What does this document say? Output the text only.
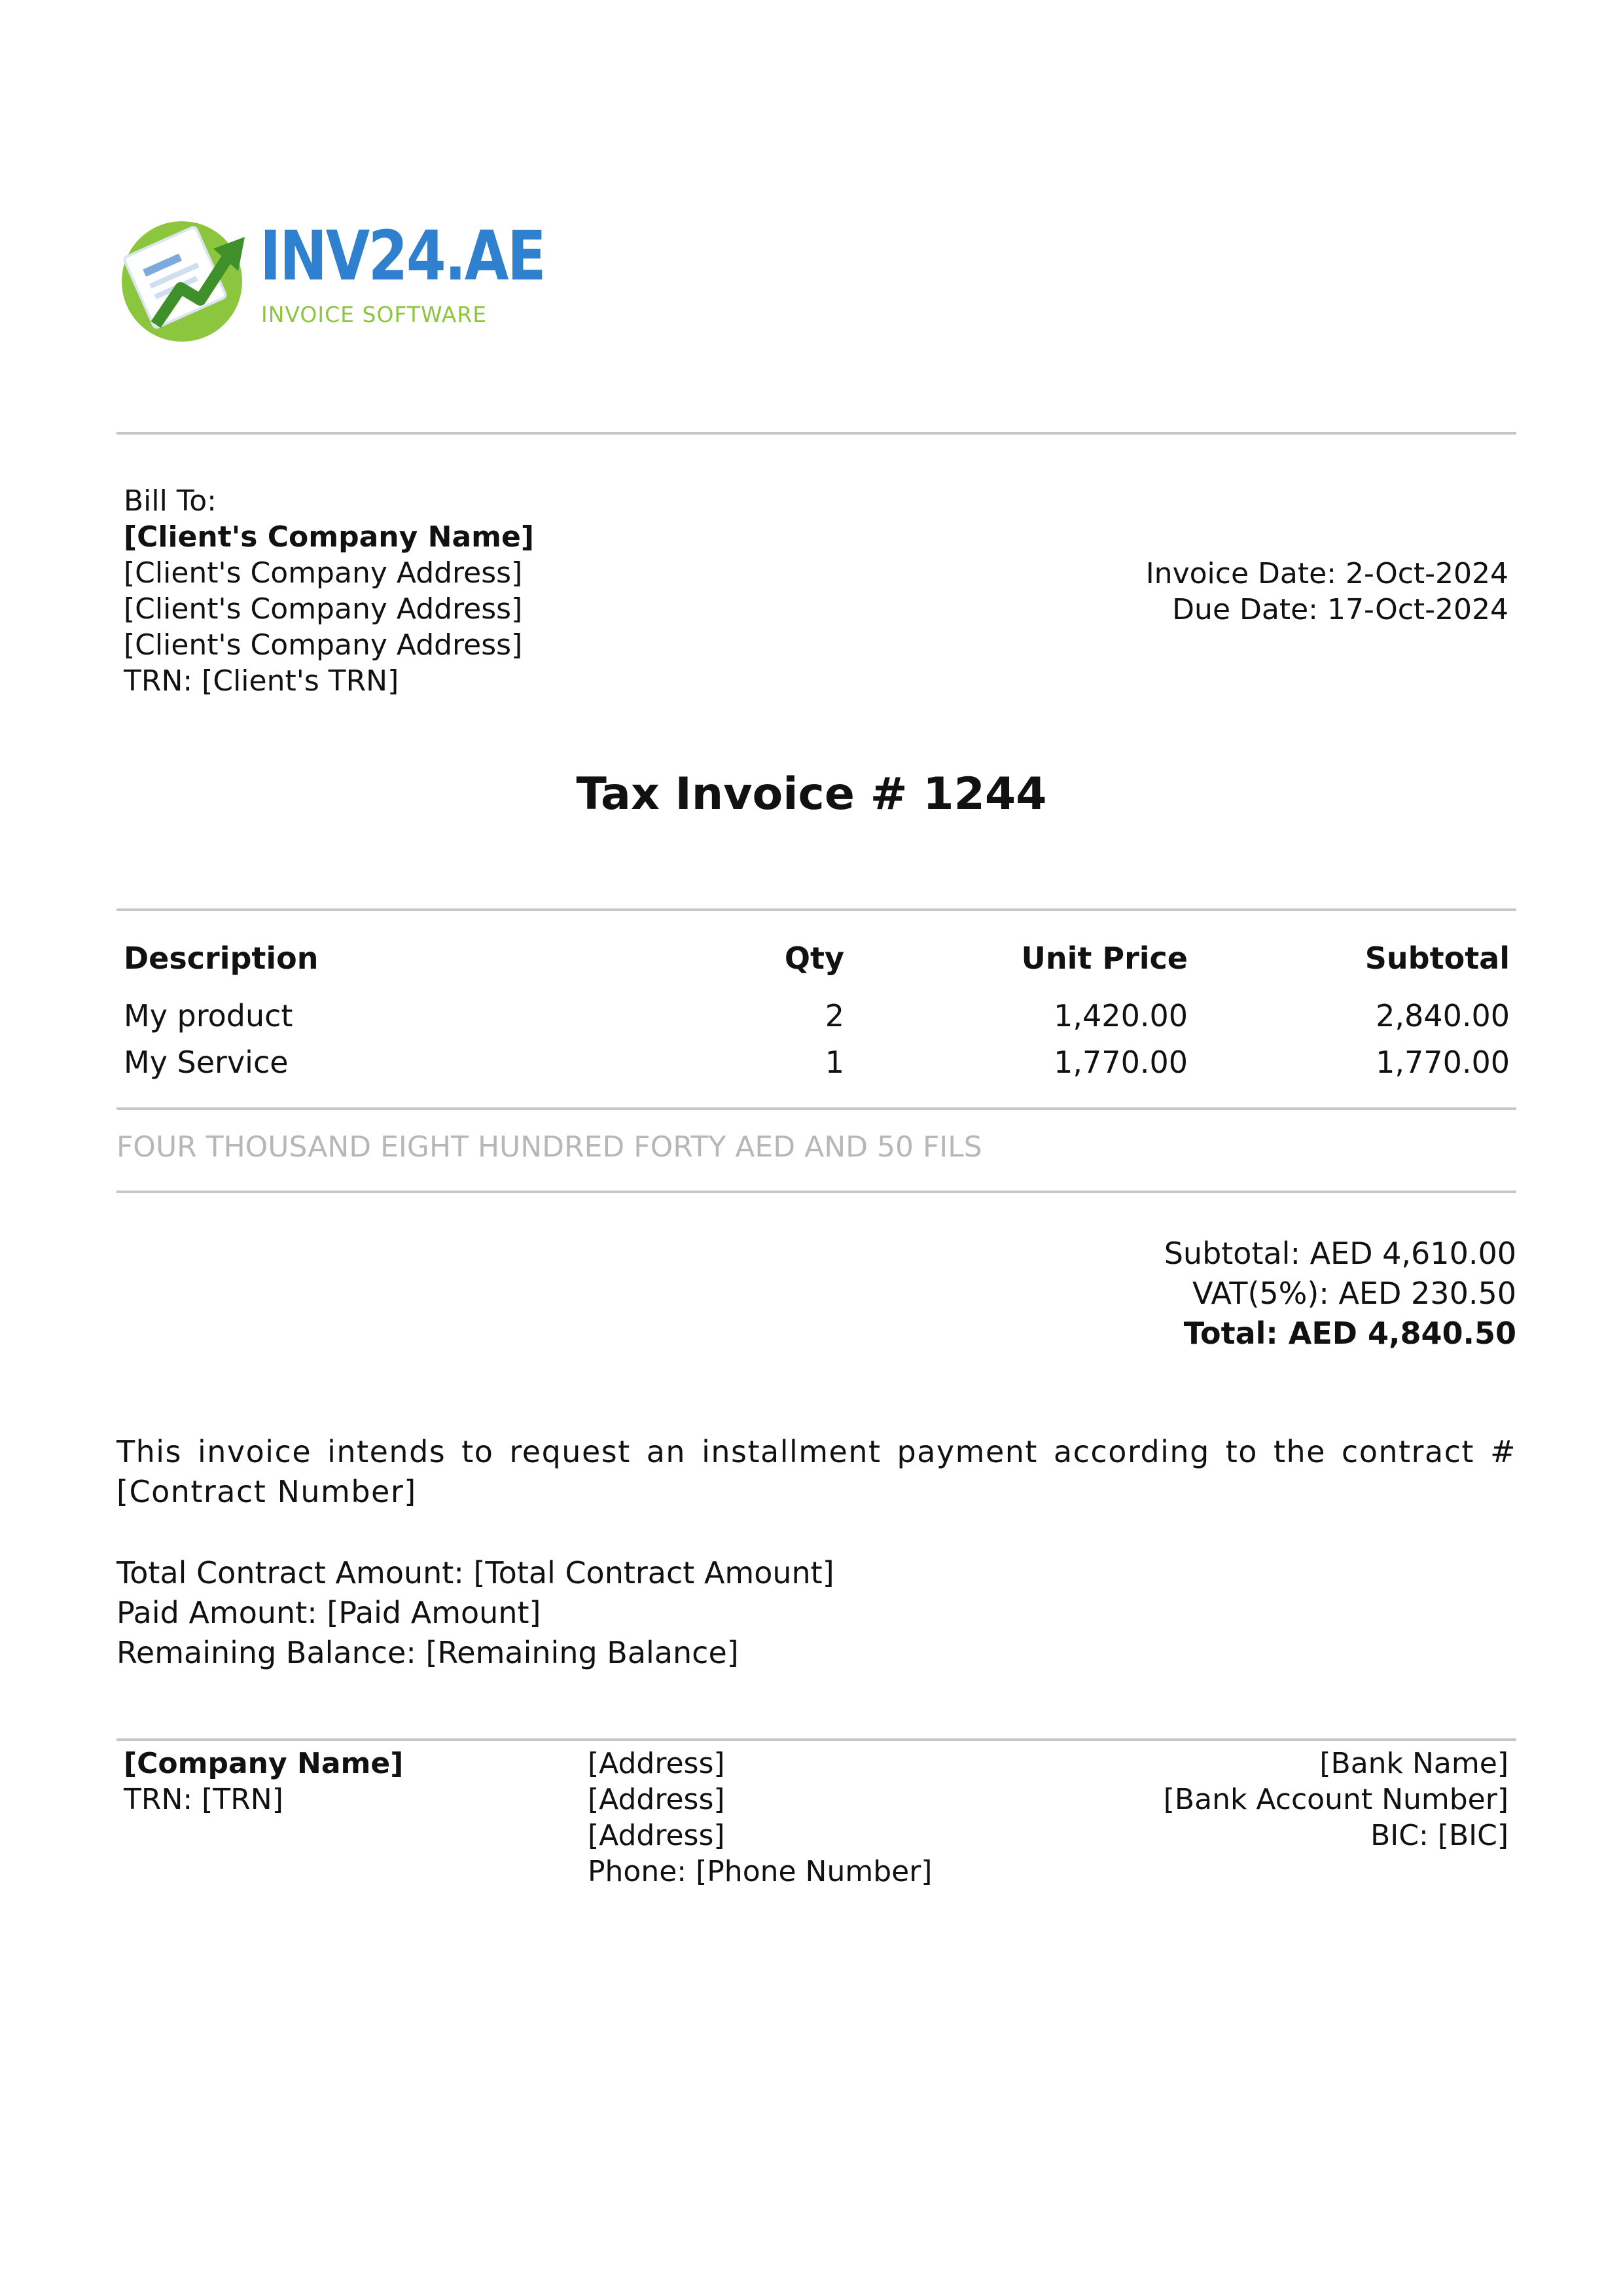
INV24.AE
INVOICE SOFTWARE
Bill To:
[Client's Company Name]
[Client's Company Address]
[Client's Company Address]
[Client's Company Address]
TRN: [Client's TRN]
Invoice Date: 2-Oct-2024
Due Date: 17-Oct-2024
Tax Invoice # 1244
Description	Qty	Unit Price	Subtotal
My product	2	1,420.00	2,840.00
My Service	1	1,770.00	1,770.00
FOUR THOUSAND EIGHT HUNDRED FORTY AED AND 50 FILS
Subtotal: AED 4,610.00
VAT(5%): AED 230.50
Total: AED 4,840.50
This invoice intends to request an installment payment according to the contract # [Contract Number]
Total Contract Amount: [Total Contract Amount]
Paid Amount: [Paid Amount]
Remaining Balance: [Remaining Balance]
[Company Name]
TRN: [TRN]
[Address]
[Address]
[Address]
Phone: [Phone Number]
[Bank Name]
[Bank Account Number]
BIC: [BIC]
